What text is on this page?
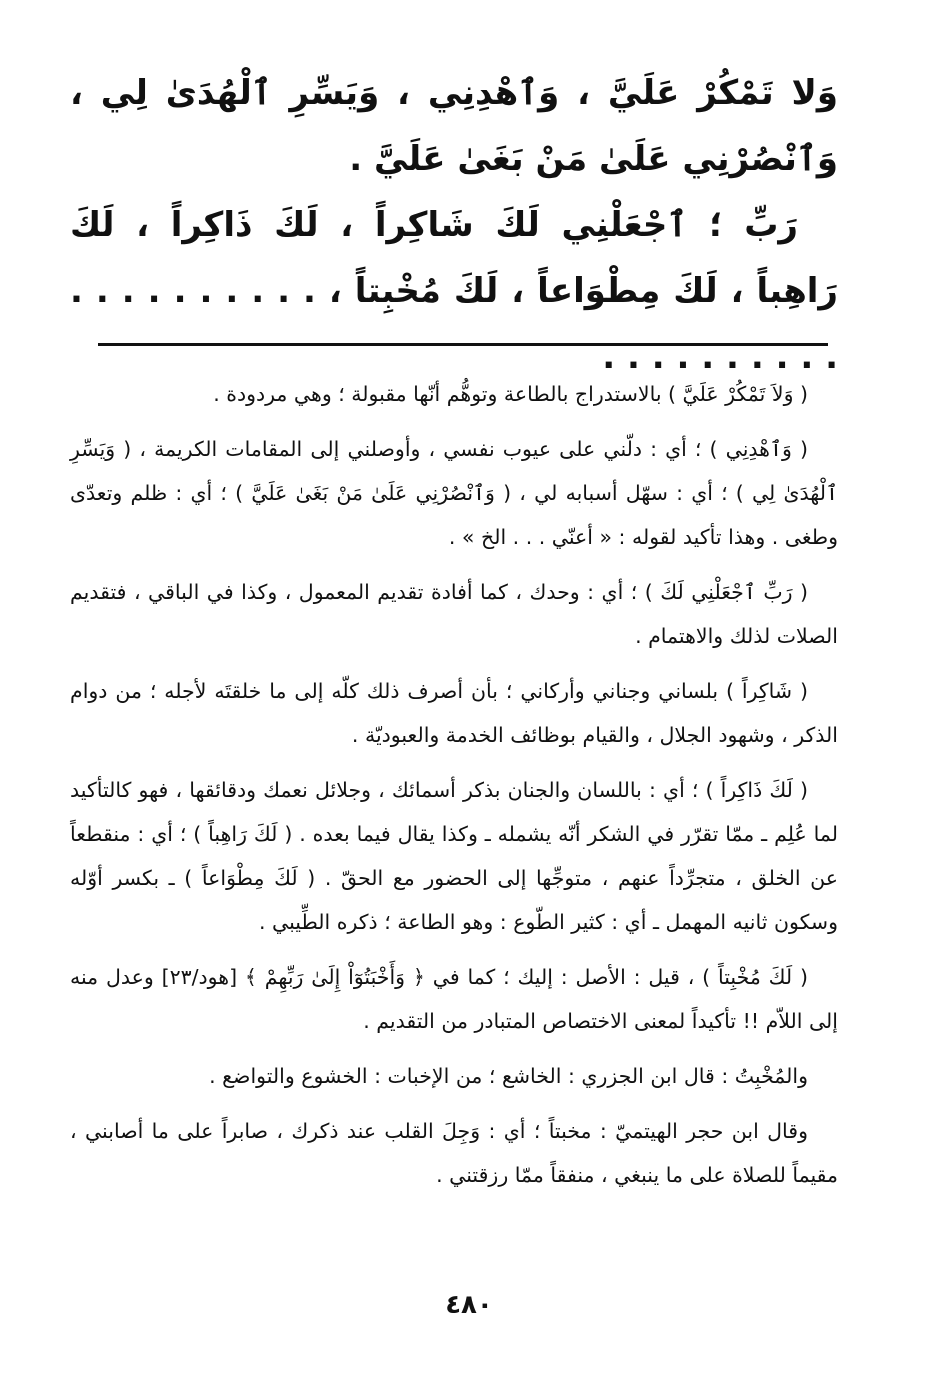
وَلا تَمْكُرْ عَلَيَّ ، وَٱهْدِنِي ، وَيَسِّرِ ٱلْهُدَىٰ لِي ، وَٱنْصُرْنِي عَلَىٰ مَنْ بَغَىٰ عَلَيَّ .

رَبِّ ؛ ٱجْعَلْنِي لَكَ شَاكِراً ، لَكَ ذَاكِراً ، لَكَ رَاهِباً ، لَكَ مِطْوَاعاً ، لَكَ مُخْبِتاً ، . . . . . . . . . . . . . . . . . . . .

( وَلاَ تَمْكُرْ عَلَيَّ ) بالاستدراج بالطاعة وتوهُّم أنّها مقبولة ؛ وهي مردودة .

( وَٱهْدِنِي ) ؛ أي : دلّني على عيوب نفسي ، وأوصلني إلى المقامات الكريمة ، ( وَيَسِّرِ ٱلْهُدَىٰ لِي ) ؛ أي : سهّل أسبابه لي ، ( وَٱنْصُرْنِي عَلَىٰ مَنْ بَغَىٰ عَلَيَّ ) ؛ أي : ظلم وتعدّى وطغى . وهذا تأكيد لقوله : « أعنّي . . . الخ » .

( رَبِّ ٱجْعَلْنِي لَكَ ) ؛ أي : وحدك ، كما أفادة تقديم المعمول ، وكذا في الباقي ، فتقديم الصلات لذلك والاهتمام .

( شَاكِراً ) بلساني وجناني وأركاني ؛ بأن أصرف ذلك كلّه إلى ما خلقتَه لأجله ؛ من دوام الذكر ، وشهود الجلال ، والقيام بوظائف الخدمة والعبوديّة .

( لَكَ ذَاكِراً ) ؛ أي : باللسان والجنان بذكر أسمائك ، وجلائل نعمك ودقائقها ، فهو كالتأكيد لما عُلِم ـ ممّا تقرّر في الشكر أنّه يشمله ـ وكذا يقال فيما بعده . ( لَكَ رَاهِباً ) ؛ أي : منقطعاً عن الخلق ، متجرِّداً عنهم ، متوجِّها إلى الحضور مع الحقّ . ( لَكَ مِطْوَاعاً ) ـ بكسر أوّله وسكون ثانيه المهمل ـ أي : كثير الطّوع : وهو الطاعة ؛ ذكره الطِّيبي .

( لَكَ مُخْبِتاً ) ، قيل : الأصل : إليك ؛ كما في ﴿ وَأَخْبَتُوٓاْ إِلَىٰ رَبِّهِمْ ﴾ [هود/٢٣] وعدل منه إلى اللاّم !! تأكيداً لمعنى الاختصاص المتبادر من التقديم .

والمُخْبِتُ : قال ابن الجزري : الخاشع ؛ من الإخبات : الخشوع والتواضع .

وقال ابن حجر الهيتميّ : مخبتاً ؛ أي : وَجِلَ القلب عند ذكرك ، صابراً على ما أصابني ، مقيماً للصلاة على ما ينبغي ، منفقاً ممّا رزقتني .

٤٨٠
